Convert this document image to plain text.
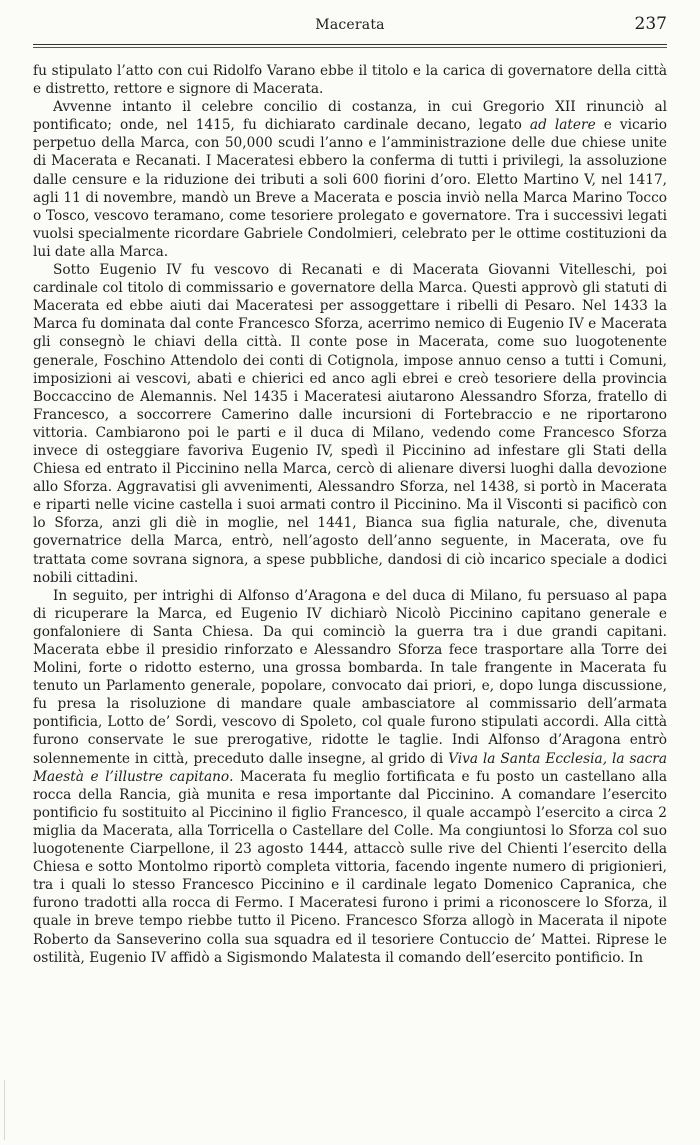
Macerata	237

fu stipulato l’atto con cui Ridolfo Varano ebbe il titolo e la carica di governatore della città e distretto, rettore e signore di Macerata.

Avvenne intanto il celebre concilio di costanza, in cui Gregorio XII rinunciò al pontificato; onde, nel 1415, fu dichiarato cardinale decano, legato ad latere e vicario perpetuo della Marca, con 50,000 scudi l’anno e l’amministrazione delle due chiese unite di Macerata e Recanati. I Maceratesi ebbero la conferma di tutti i privilegi, la assoluzione dalle censure e la riduzione dei tributi a soli 600 fiorini d’oro. Eletto Martino V, nel 1417, agli 11 di novembre, mandò un Breve a Macerata e poscia inviò nella Marca Marino Tocco o Tosco, vescovo teramano, come tesoriere prolegato e governatore. Tra i successivi legati vuolsi specialmente ricordare Gabriele Condolmieri, celebrato per le ottime costituzioni da lui date alla Marca.

Sotto Eugenio IV fu vescovo di Recanati e di Macerata Giovanni Vitelleschi, poi cardinale col titolo di commissario e governatore della Marca. Questi approvò gli statuti di Macerata ed ebbe aiuti dai Maceratesi per assoggettare i ribelli di Pesaro. Nel 1433 la Marca fu dominata dal conte Francesco Sforza, acerrimo nemico di Eugenio IV e Macerata gli consegnò le chiavi della città. Il conte pose in Macerata, come suo luogotenente generale, Foschino Attendolo dei conti di Cotignola, impose annuo censo a tutti i Comuni, imposizioni ai vescovi, abati e chierici ed anco agli ebrei e creò tesoriere della provincia Boccaccino de Alemannis. Nel 1435 i Maceratesi aiutarono Alessandro Sforza, fratello di Francesco, a soccorrere Camerino dalle incursioni di Fortebraccio e ne riportarono vittoria. Cambiarono poi le parti e il duca di Milano, vedendo come Francesco Sforza invece di osteggiare favoriva Eugenio IV, spedì il Piccinino ad infestare gli Stati della Chiesa ed entrato il Piccinino nella Marca, cercò di alienare diversi luoghi dalla devozione allo Sforza. Aggravatisi gli avvenimenti, Alessandro Sforza, nel 1438, si portò in Macerata e riparti nelle vicine castella i suoi armati contro il Piccinino. Ma il Visconti si pacificò con lo Sforza, anzi gli diè in moglie, nel 1441, Bianca sua figlia naturale, che, divenuta governatrice della Marca, entrò, nell’agosto dell’anno seguente, in Macerata, ove fu trattata come sovrana signora, a spese pubbliche, dandosi di ciò incarico speciale a dodici nobili cittadini.

In seguito, per intrighi di Alfonso d’Aragona e del duca di Milano, fu persuaso al papa di ricuperare la Marca, ed Eugenio IV dichiarò Nicolò Piccinino capitano generale e gonfaloniere di Santa Chiesa. Da qui cominciò la guerra tra i due grandi capitani. Macerata ebbe il presidio rinforzato e Alessandro Sforza fece trasportare alla Torre dei Molini, forte o ridotto esterno, una grossa bombarda. In tale frangente in Macerata fu tenuto un Parlamento generale, popolare, convocato dai priori, e, dopo lunga discussione, fu presa la risoluzione di mandare quale ambasciatore al commissario dell’armata pontificia, Lotto de’ Sordi, vescovo di Spoleto, col quale furono stipulati accordi. Alla città furono conservate le sue prerogative, ridotte le taglie. Indi Alfonso d’Aragona entrò solennemente in città, preceduto dalle insegne, al grido di Viva la Santa Ecclesia, la sacra Maestà e l’illustre capitano. Macerata fu meglio fortificata e fu posto un castellano alla rocca della Rancia, già munita e resa importante dal Piccinino. A comandare l’esercito pontificio fu sostituito al Piccinino il figlio Francesco, il quale accampò l’esercito a circa 2 miglia da Macerata, alla Torricella o Castellare del Colle. Ma congiuntosi lo Sforza col suo luogotenente Ciarpellone, il 23 agosto 1444, attaccò sulle rive del Chienti l’esercito della Chiesa e sotto Montolmo riportò completa vittoria, facendo ingente numero di prigionieri, tra i quali lo stesso Francesco Piccinino e il cardinale legato Domenico Capranica, che furono tradotti alla rocca di Fermo. I Maceratesi furono i primi a riconoscere lo Sforza, il quale in breve tempo riebbe tutto il Piceno. Francesco Sforza allogò in Macerata il nipote Roberto da Sanseverino colla sua squadra ed il tesoriere Contuccio de’ Mattei. Riprese le ostilità, Eugenio IV affidò a Sigismondo Malatesta il comando dell’esercito pontificio. In
